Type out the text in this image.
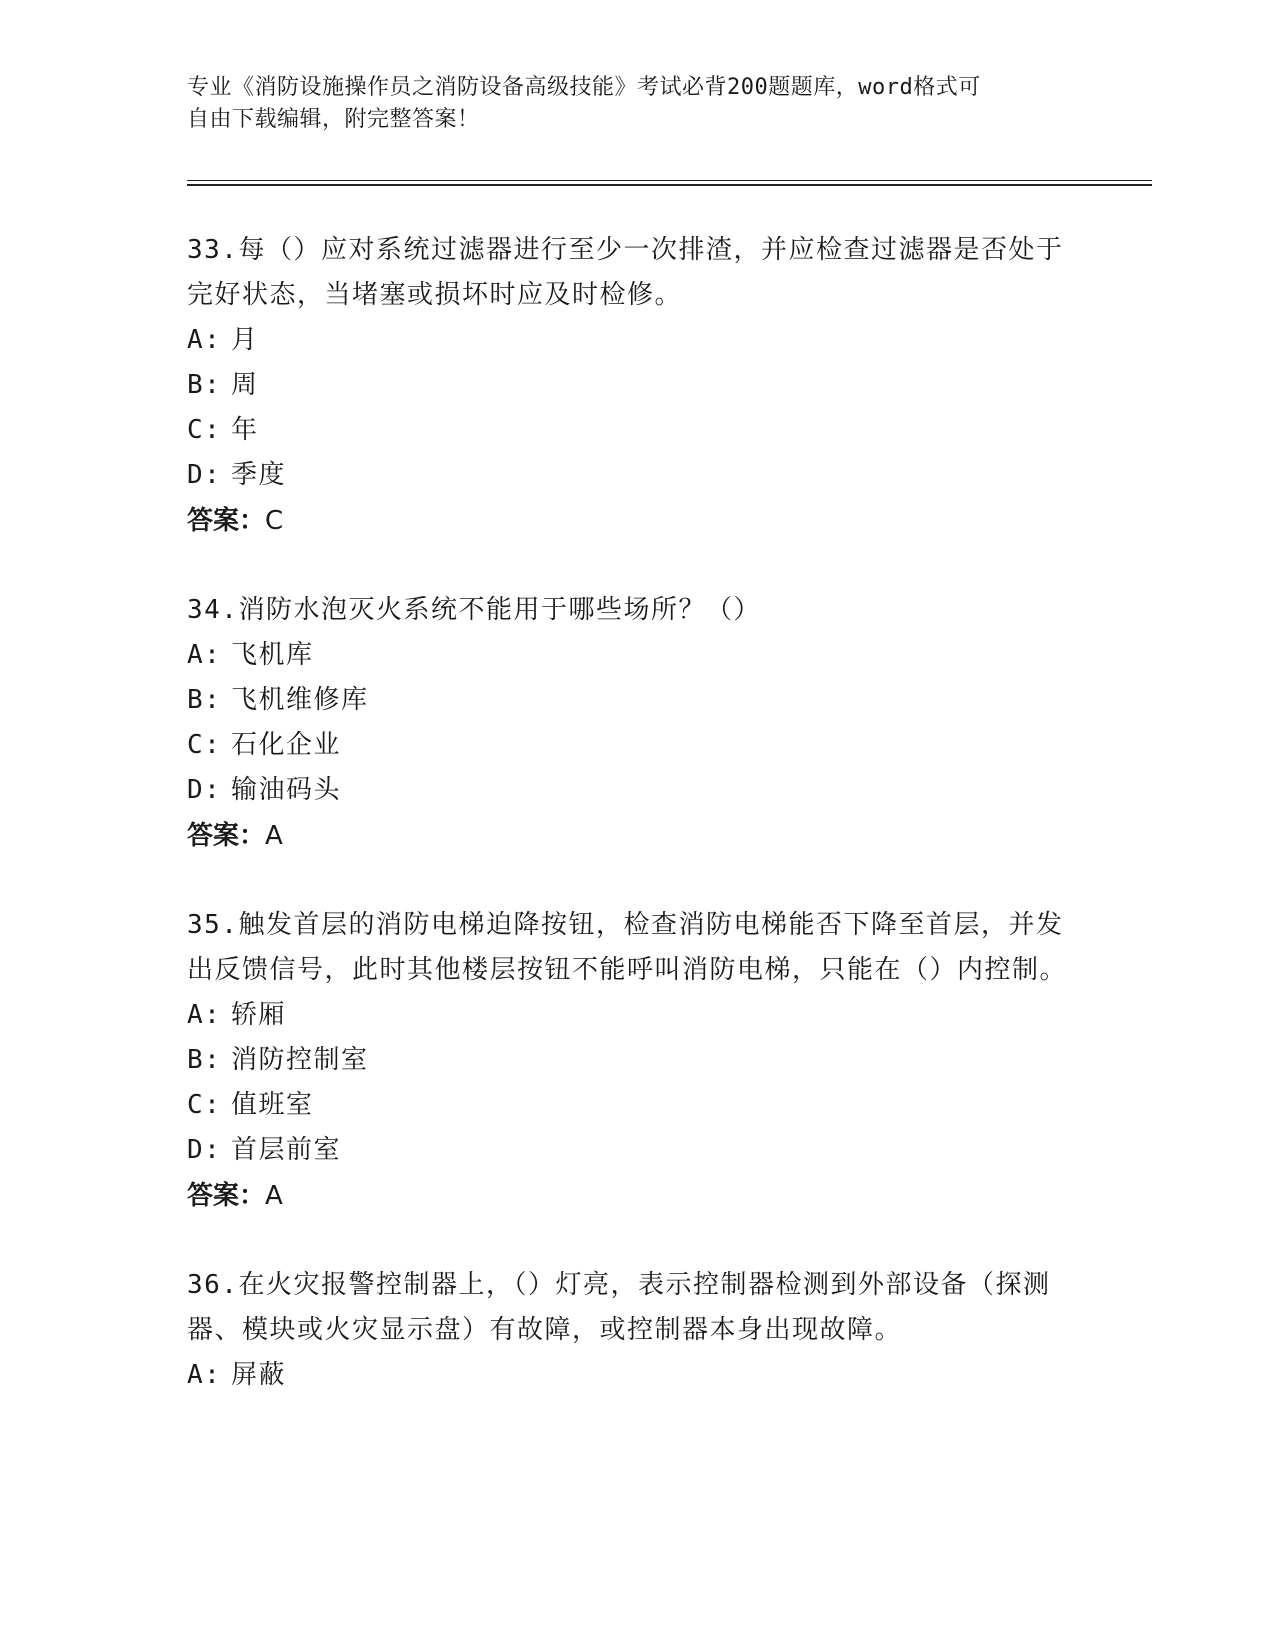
专业《消防设施操作员之消防设备高级技能》考试必背200题题库，word格式可
自由下载编辑，附完整答案！

33.每（）应对系统过滤器进行至少一次排渣，并应检查过滤器是否处于完好状态，当堵塞或损坏时应及时检修。

A: 月

B: 周

C: 年

D: 季度

答案：C

34.消防水泡灭火系统不能用于哪些场所？（）

A: 飞机库

B: 飞机维修库

C: 石化企业

D: 输油码头

答案：A

35.触发首层的消防电梯迫降按钮，检查消防电梯能否下降至首层，并发出反馈信号，此时其他楼层按钮不能呼叫消防电梯，只能在（）内控制。

A: 轿厢

B: 消防控制室

C: 值班室

D: 首层前室

答案：A

36.在火灾报警控制器上，（）灯亮，表示控制器检测到外部设备（探测器、模块或火灾显示盘）有故障，或控制器本身出现故障。

A: 屏蔽
